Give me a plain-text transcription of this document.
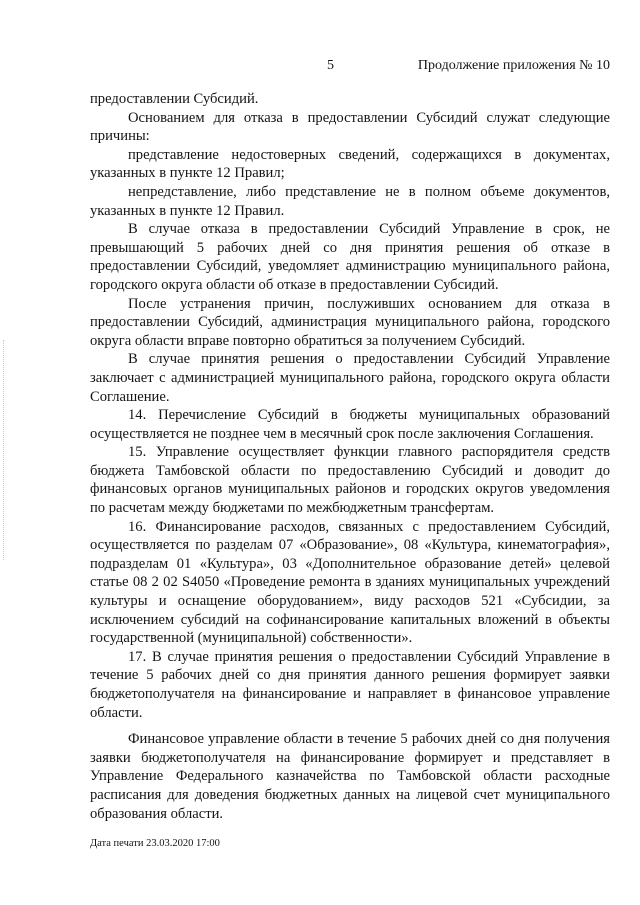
5	Продолжение приложения № 10

предоставлении Субсидий.

Основанием для отказа в предоставлении Субсидий служат следующие причины:

представление недостоверных сведений, содержащихся в документах, указанных в пункте 12 Правил;

непредставление, либо представление не в полном объеме документов, указанных в пункте 12 Правил.

В случае отказа в предоставлении Субсидий Управление в срок, не превышающий 5 рабочих дней со дня принятия решения об отказе в предоставлении Субсидий, уведомляет администрацию муниципального района, городского округа области об отказе в предоставлении Субсидий.

После устранения причин, послуживших основанием для отказа в предоставлении Субсидий, администрация муниципального района, городского округа области вправе повторно обратиться за получением Субсидий.

В случае принятия решения о предоставлении Субсидий Управление заключает с администрацией муниципального района, городского округа области Соглашение.

14. Перечисление Субсидий в бюджеты муниципальных образований осуществляется не позднее чем в месячный срок после заключения Соглашения.

15. Управление осуществляет функции главного распорядителя средств бюджета Тамбовской области по предоставлению Субсидий и доводит до финансовых органов муниципальных районов и городских округов уведомления по расчетам между бюджетами по межбюджетным трансфертам.

16. Финансирование расходов, связанных с предоставлением Субсидий, осуществляется по разделам 07 «Образование», 08 «Культура, кинематография», подразделам 01 «Культура», 03 «Дополнительное образование детей» целевой статье 08 2 02 S4050 «Проведение ремонта в зданиях муниципальных учреждений культуры и оснащение оборудованием», виду расходов 521 «Субсидии, за исключением субсидий на софинансирование капитальных вложений в объекты государственной (муниципальной) собственности».

17. В случае принятия решения о предоставлении Субсидий Управление в течение 5 рабочих дней со дня принятия данного решения формирует заявки бюджетополучателя на финансирование и направляет в финансовое управление области.

Финансовое управление области в течение 5 рабочих дней со дня получения заявки бюджетополучателя на финансирование формирует и представляет в Управление Федерального казначейства по Тамбовской области расходные расписания для доведения бюджетных данных на лицевой счет муниципального образования области.

Дата печати 23.03.2020 17:00
